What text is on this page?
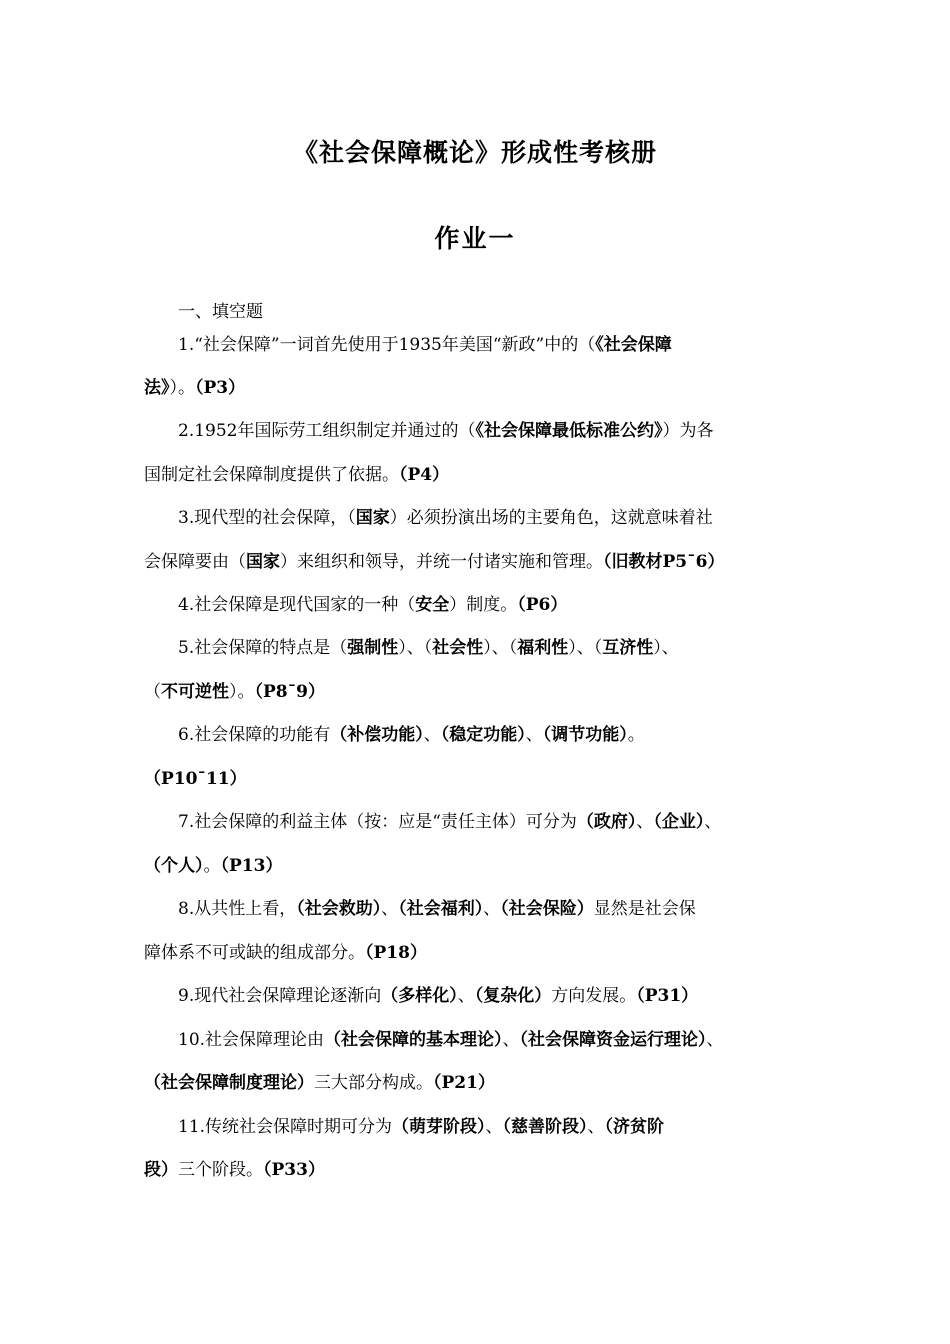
《社会保障概论》形成性考核册
作业一
一、填空题
1.“社会保障”一词首先使用于1935年美国“新政”中的（《社会保障
法》）。（P3）
2.1952年国际劳工组织制定并通过的（《社会保障最低标准公约》）为各
国制定社会保障制度提供了依据。（P4）
3.现代型的社会保障，（国家）必须扮演出场的主要角色，这就意味着社
会保障要由（国家）来组织和领导，并统一付诸实施和管理。（旧教材P5¯6）
4.社会保障是现代国家的一种（安全）制度。（P6）
5.社会保障的特点是（强制性）、（社会性）、（福利性）、（互济性）、
（不可逆性）。（P8¯9）
6.社会保障的功能有（补偿功能）、（稳定功能）、（调节功能）。
（P10¯11）
7.社会保障的利益主体（按：应是“责任主体）可分为（政府）、（企业）、
（个人）。（P13）
8.从共性上看，（社会救助）、（社会福利）、（社会保险）显然是社会保
障体系不可或缺的组成部分。（P18）
9.现代社会保障理论逐渐向（多样化）、（复杂化）方向发展。（P31）
10.社会保障理论由（社会保障的基本理论）、（社会保障资金运行理论）、
（社会保障制度理论）三大部分构成。（P21）
11.传统社会保障时期可分为（萌芽阶段）、（慈善阶段）、（济贫阶
段）三个阶段。（P33）
